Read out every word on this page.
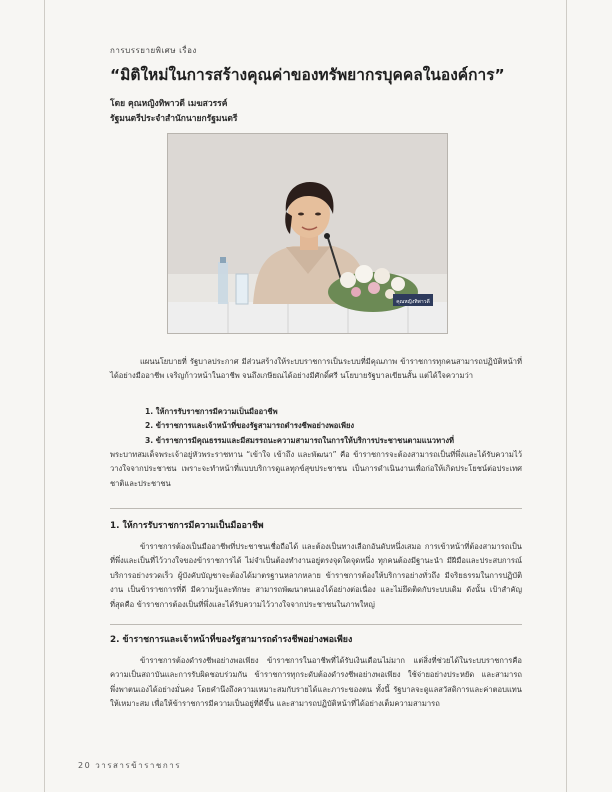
การบรรยายพิเศษ เรื่อง
“มิติใหม่ในการสร้างคุณค่าของทรัพยากรบุคคลในองค์การ”
โดย คุณหญิงทิพาวดี เมฆสวรรค์
รัฐมนตรีประจำสำนักนายกรัฐมนตรี
คุณหญิงทิพาวดี

แผนนโยบายที่ รัฐบาลประกาศ มีส่วนสร้างให้ระบบราชการเป็นระบบที่มีคุณภาพ ข้าราชการทุกคนสามารถปฏิบัติหน้าที่ได้อย่างมืออาชีพ เจริญก้าวหน้าในอาชีพ จนถึงเกษียณได้อย่างมีศักดิ์ศรี นโยบายรัฐบาลเขียนสั้น แต่ได้ใจความว่า

1. ให้การรับราชการมีความเป็นมืออาชีพ
2. ข้าราชการและเจ้าหน้าที่ของรัฐสามารถดำรงชีพอย่างพอเพียง
3. ข้าราชการมีคุณธรรมและมีสมรรถนะความสามารถในการให้บริการประชาชนตามแนวทางที่

พระบาทสมเด็จพระเจ้าอยู่หัวพระราชทาน “เข้าใจ เข้าถึง และพัฒนา” คือ ข้าราชการจะต้องสามารถเป็นที่พึ่งและได้รับความไว้วางใจจากประชาชน เพราะจะทำหน้าที่แบบบริการดูแลทุกข์สุขประชาชน เป็นการดำเนินงานเพื่อก่อให้เกิดประโยชน์ต่อประเทศชาติและประชาชน

1. ให้การรับราชการมีความเป็นมืออาชีพ

ข้าราชการต้องเป็นมืออาชีพที่ประชาชนเชื่อถือได้ และต้องเป็นทางเลือกอันดับหนึ่งเสมอ การเข้าหน้าที่ต้องสามารถเป็นที่พึ่งและเป็นที่ไว้วางใจของข้าราชการได้ ไม่จำเป็นต้องทำงานอยู่ตรงจุดใดจุดหนึ่ง ทุกคนต้องมีฐานะนำ มีฝีมือและประสบการณ์ บริการอย่างรวดเร็ว ผู้บังคับบัญชาจะต้องได้มาตรฐานหลากหลาย ข้าราชการต้องให้บริการอย่างทั่วถึง มีจริยธรรมในการปฏิบัติงาน เป็นข้าราชการที่ดี มีความรู้และทักษะ สามารถพัฒนาตนเองได้อย่างต่อเนื่อง และไม่ยึดติดกับระบบเดิม ดังนั้น เป้าสำคัญที่สุดคือ ข้าราชการต้องเป็นที่พึ่งและได้รับความไว้วางใจจากประชาชนในภาพใหญ่

2. ข้าราชการและเจ้าหน้าที่ของรัฐสามารถดำรงชีพอย่างพอเพียง

ข้าราชการต้องดำรงชีพอย่างพอเพียง ข้าราชการในอาชีพที่ได้รับเงินเดือนไม่มาก แต่สิ่งที่ช่วยได้ในระบบราชการคือ ความเป็นสถาบันและการรับผิดชอบร่วมกัน ข้าราชการทุกระดับต้องดำรงชีพอย่างพอเพียง ใช้จ่ายอย่างประหยัด และสามารถพึ่งพาตนเองได้อย่างมั่นคง โดยคำนึงถึงความเหมาะสมกับรายได้และภาระของตน ทั้งนี้ รัฐบาลจะดูแลสวัสดิการและค่าตอบแทนให้เหมาะสม เพื่อให้ข้าราชการมีความเป็นอยู่ที่ดีขึ้น และสามารถปฏิบัติหน้าที่ได้อย่างเต็มความสามารถ

20 วารสารข้าราชการ
